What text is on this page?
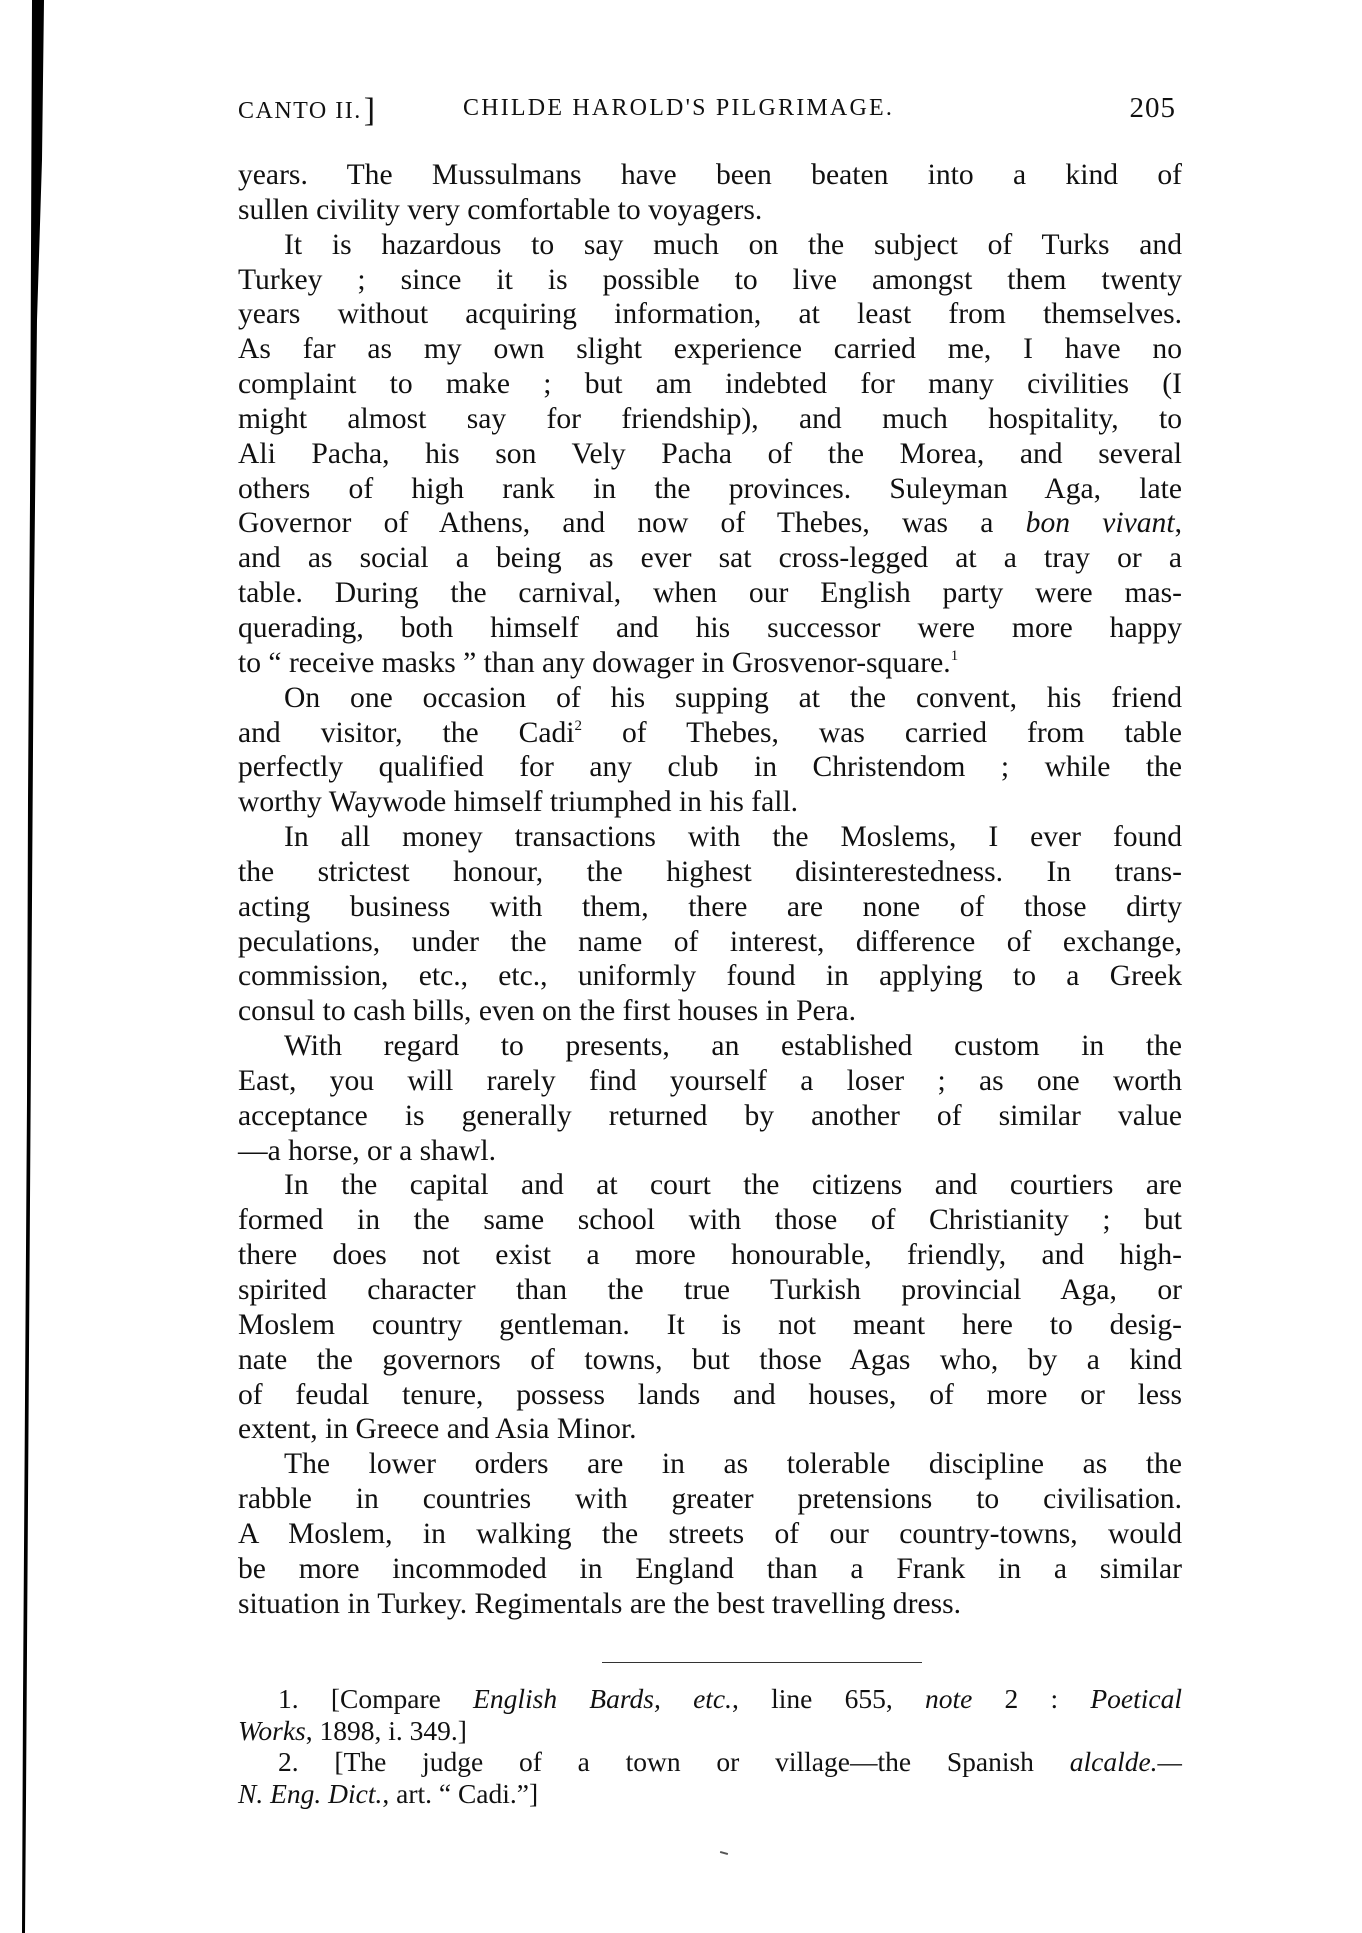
CANTO II.]	CHILDE HAROLD'S PILGRIMAGE.	205
years. The Mussulmans have been beaten into a kind of
sullen civility very comfortable to voyagers.
It is hazardous to say much on the subject of Turks and
Turkey ; since it is possible to live amongst them twenty
years without acquiring information, at least from themselves.
As far as my own slight experience carried me, I have no
complaint to make ; but am indebted for many civilities (I
might almost say for friendship), and much hospitality, to
Ali Pacha, his son Vely Pacha of the Morea, and several
others of high rank in the provinces. Suleyman Aga, late
Governor of Athens, and now of Thebes, was a bon vivant,
and as social a being as ever sat cross-legged at a tray or a
table. During the carnival, when our English party were mas-
querading, both himself and his successor were more happy
to “ receive masks ” than any dowager in Grosvenor-square.$^1$
On one occasion of his supping at the convent, his friend
and visitor, the Cadi$^2$ of Thebes, was carried from table
perfectly qualified for any club in Christendom ; while the
worthy Waywode himself triumphed in his fall.
In all money transactions with the Moslems, I ever found
the strictest honour, the highest disinterestedness. In trans-
acting business with them, there are none of those dirty
peculations, under the name of interest, difference of exchange,
commission, etc., etc., uniformly found in applying to a Greek
consul to cash bills, even on the first houses in Pera.
With regard to presents, an established custom in the
East, you will rarely find yourself a loser ; as one worth
acceptance is generally returned by another of similar value
—a horse, or a shawl.
In the capital and at court the citizens and courtiers are
formed in the same school with those of Christianity ; but
there does not exist a more honourable, friendly, and high-
spirited character than the true Turkish provincial Aga, or
Moslem country gentleman. It is not meant here to desig-
nate the governors of towns, but those Agas who, by a kind
of feudal tenure, possess lands and houses, of more or less
extent, in Greece and Asia Minor.
The lower orders are in as tolerable discipline as the
rabble in countries with greater pretensions to civilisation.
A Moslem, in walking the streets of our country-towns, would
be more incommoded in England than a Frank in a similar
situation in Turkey. Regimentals are the best travelling dress.
1. [Compare English Bards, etc., line 655, note 2 : Poetical
Works, 1898, i. 349.]
2. [The judge of a town or village—the Spanish alcalde.—
N. Eng. Dict., art. “ Cadi.”]
